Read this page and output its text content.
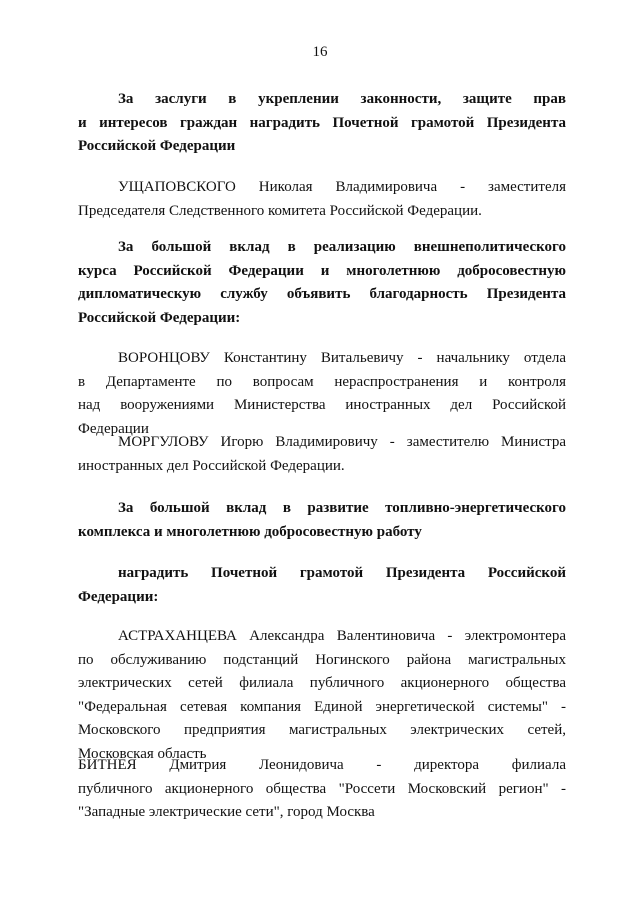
16
За заслуги в укреплении законности, защите прав
и интересов граждан наградить Почетной грамотой Президента
Российской Федерации
УЩАПОВСКОГО Николая Владимировича - заместителя
Председателя Следственного комитета Российской Федерации.
За большой вклад в реализацию внешнеполитического
курса Российской Федерации и многолетнюю добросовестную
дипломатическую службу объявить благодарность Президента
Российской Федерации:
ВОРОНЦОВУ Константину Витальевичу - начальнику отдела
в Департаменте по вопросам нераспространения и контроля
над вооружениями Министерства иностранных дел Российской
Федерации
МОРГУЛОВУ Игорю Владимировичу - заместителю Министра
иностранных дел Российской Федерации.
За большой вклад в развитие топливно-энергетического
комплекса и многолетнюю добросовестную работу
наградить Почетной грамотой Президента Российской
Федерации:
АСТРАХАНЦЕВА Александра Валентиновича - электромонтера
по обслуживанию подстанций Ногинского района магистральных
электрических сетей филиала публичного акционерного общества
"Федеральная сетевая компания Единой энергетической системы" -
Московского предприятия магистральных электрических сетей,
Московская область
БИТНЕЯ Дмитрия Леонидовича - директора филиала
публичного акционерного общества "Россети Московский регион" -
"Западные электрические сети", город Москва
